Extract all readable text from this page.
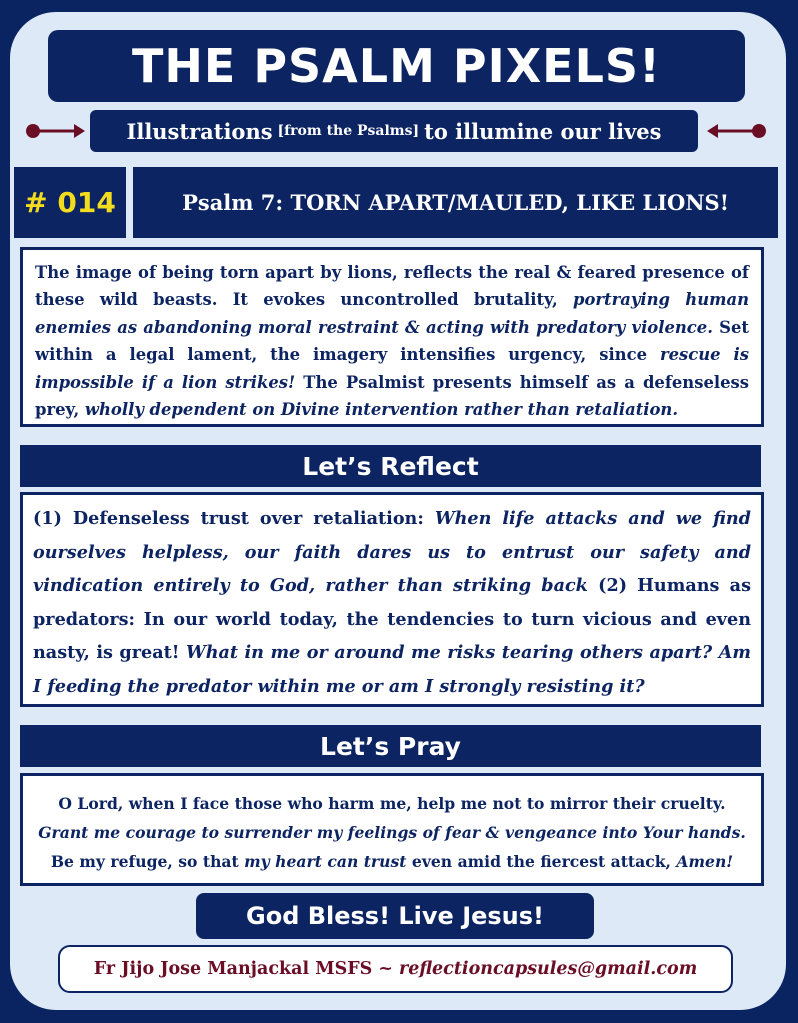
THE PSALM PIXELS!
Illustrations [from the Psalms] to illumine our lives
# 014	Psalm 7: TORN APART/MAULED, LIKE LIONS!

The image of being torn apart by lions, reflects the real & feared presence of these wild beasts. It evokes uncontrolled brutality, portraying human enemies as abandoning moral restraint & acting with predatory violence. Set within a legal lament, the imagery intensifies urgency, since rescue is impossible if a lion strikes! The Psalmist presents himself as a defenseless prey, wholly dependent on Divine intervention rather than retaliation.

Let’s Reflect

(1) Defenseless trust over retaliation: When life attacks and we find ourselves helpless, our faith dares us to entrust our safety and vindication entirely to God, rather than striking back (2) Humans as predators: In our world today, the tendencies to turn vicious and even nasty, is great! What in me or around me risks tearing others apart? Am I feeding the predator within me or am I strongly resisting it?

Let’s Pray

O Lord, when I face those who harm me, help me not to mirror their cruelty.

Grant me courage to surrender my feelings of fear & vengeance into Your hands.

Be my refuge, so that my heart can trust even amid the fiercest attack, Amen!

God Bless! Live Jesus!
Fr Jijo Jose Manjackal MSFS ~ reflectioncapsules@gmail.com
